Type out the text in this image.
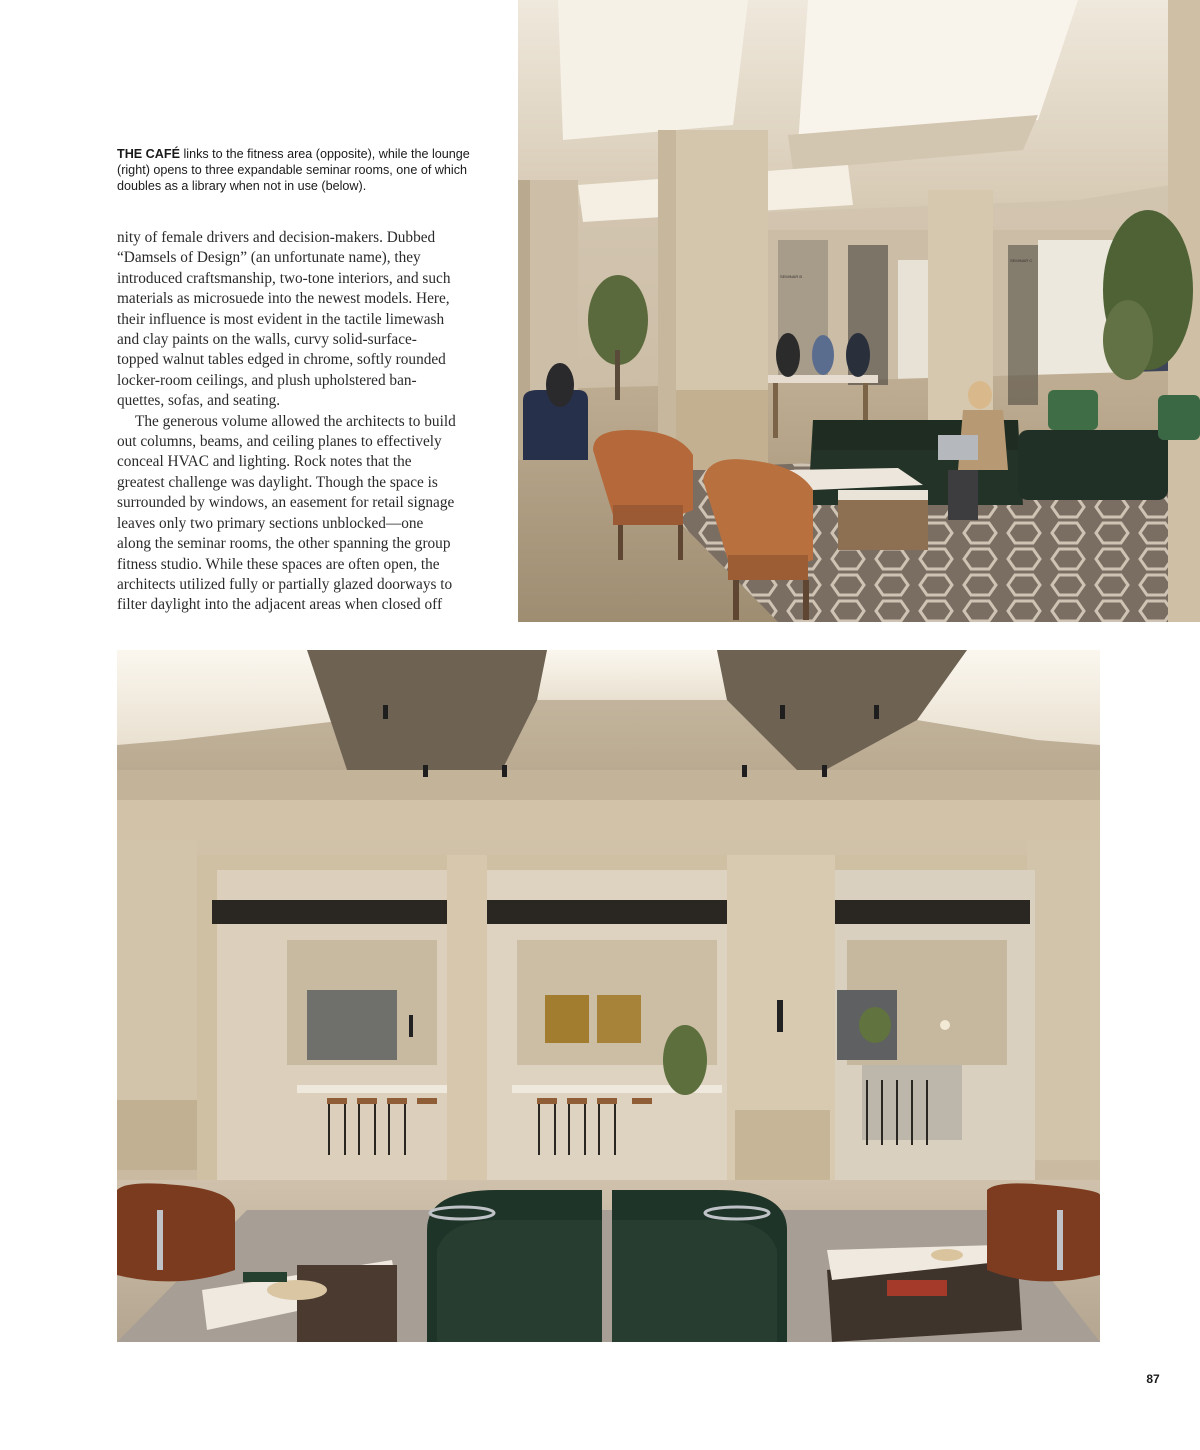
THE CAFÉ links to the fitness area (opposite), while the lounge (right) opens to three expandable seminar rooms, one of which doubles as a library when not in use (below).

nity of female drivers and decision-makers. Dubbed
“Damsels of Design” (an unfortunate name), they
introduced craftsmanship, two-tone interiors, and such
materials as microsuede into the newest models. Here,
their influence is most evident in the tactile limewash
and clay paints on the walls, curvy solid-surface-
topped walnut tables edged in chrome, softly rounded
locker-room ceilings, and plush upholstered ban-
quettes, sofas, and seating.

The generous volume allowed the architects to build
out columns, beams, and ceiling planes to effectively
conceal HVAC and lighting. Rock notes that the
greatest challenge was daylight. Though the space is
surrounded by windows, an easement for retail signage
leaves only two primary sections unblocked—one
along the seminar rooms, the other spanning the group
fitness studio. While these spaces are often open, the
architects utilized fully or partially glazed doorways to
filter daylight into the adjacent areas when closed off

SEMINAR B
SEMINAR C
87
